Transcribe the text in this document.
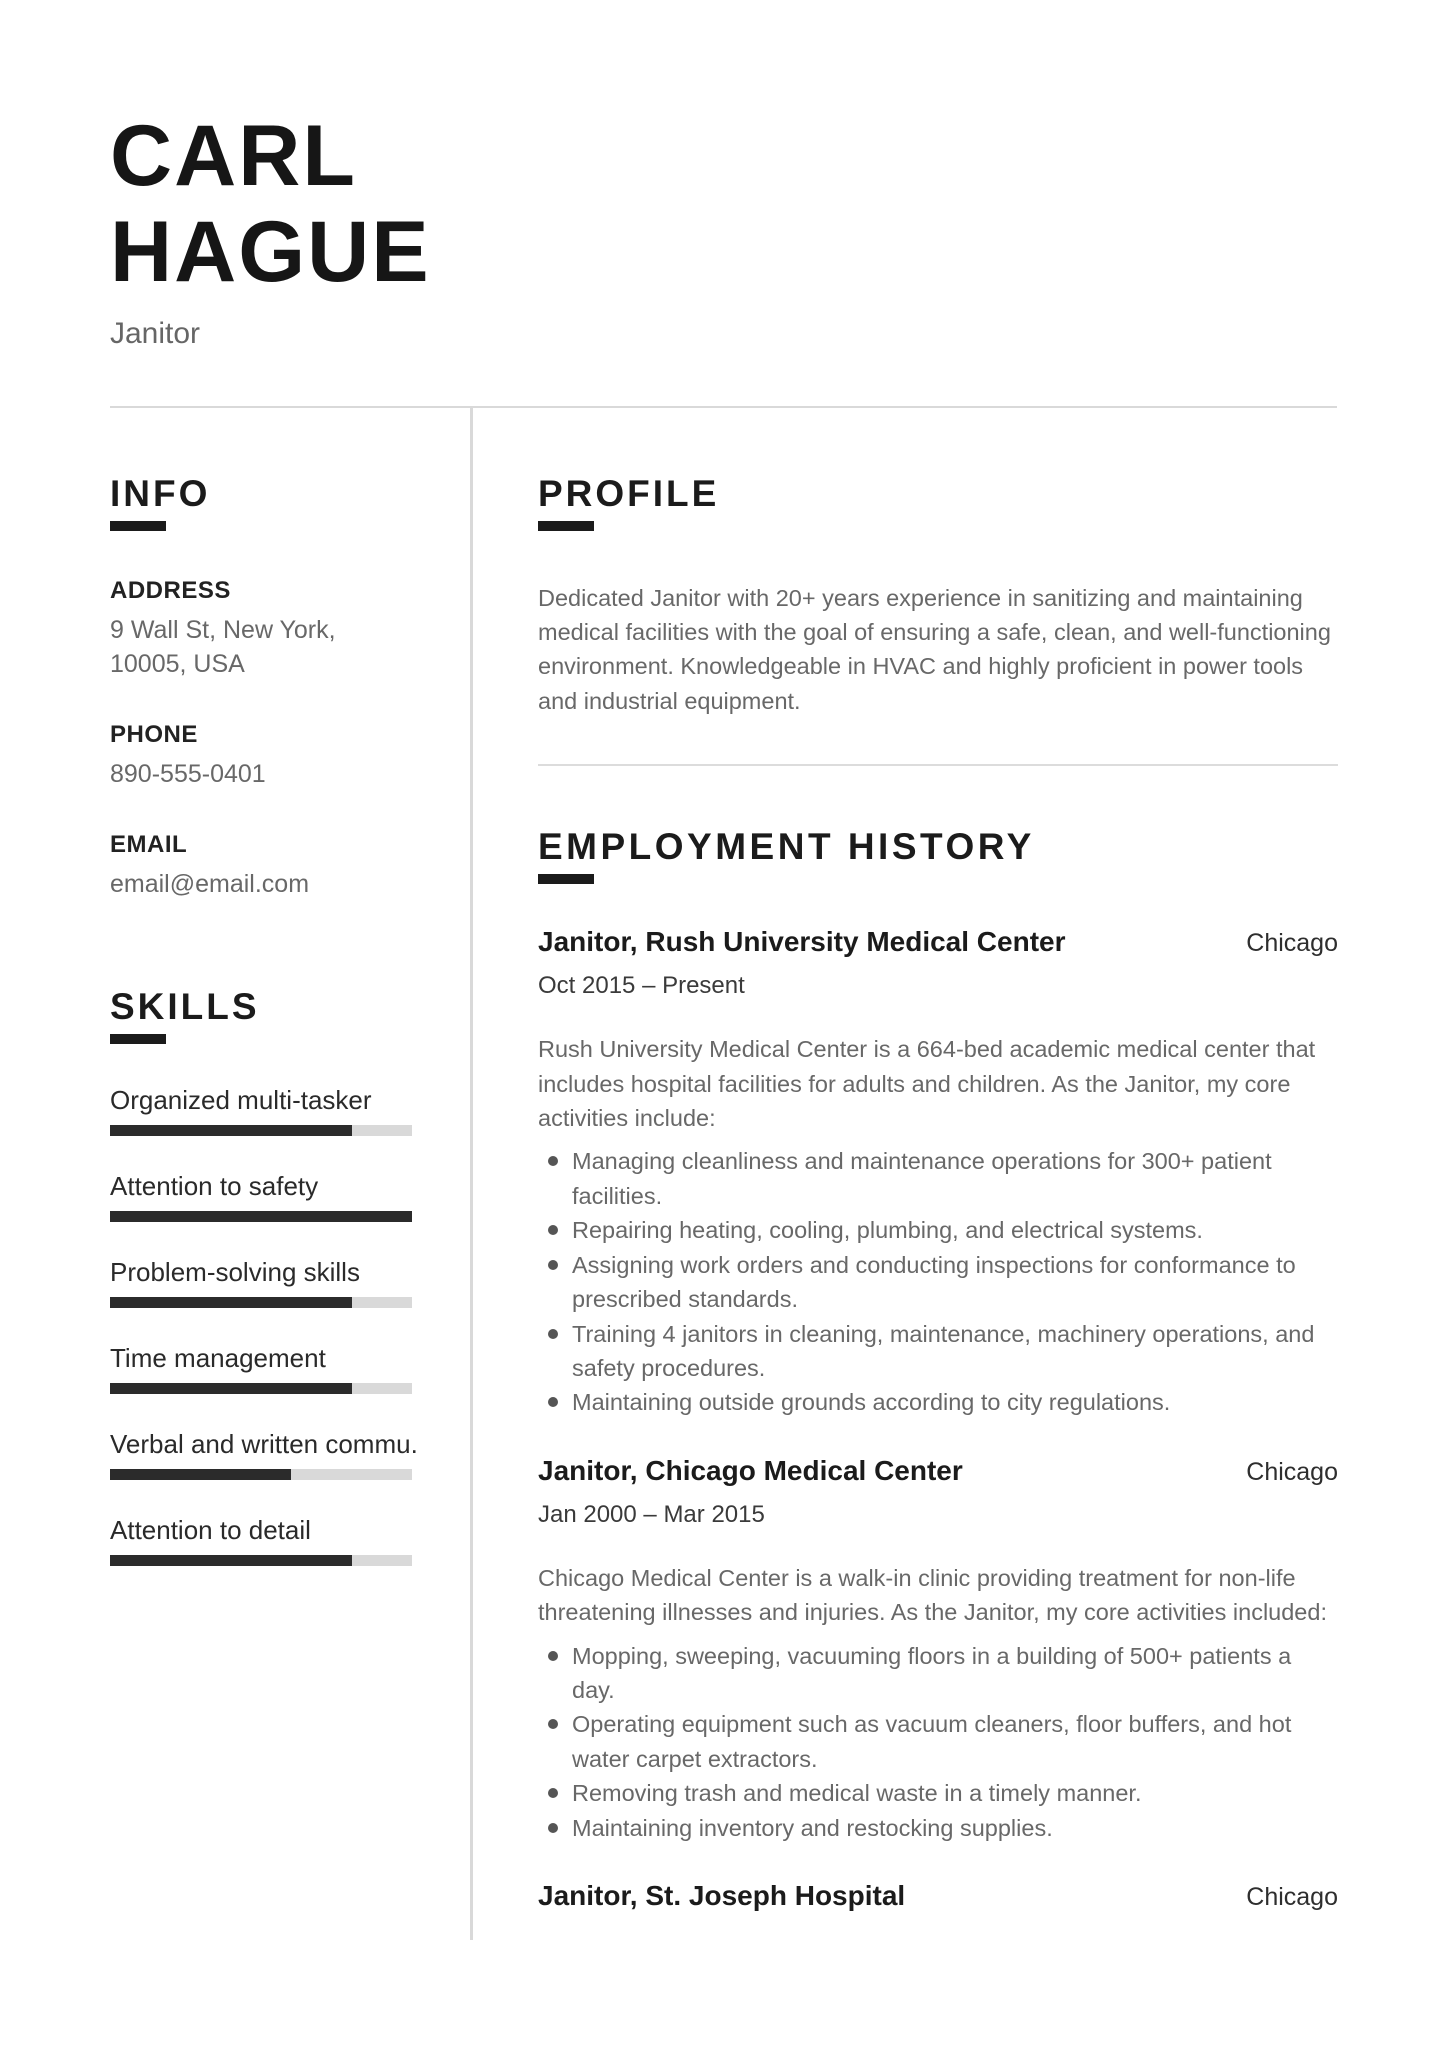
CARL HAGUE
Janitor
INFO
ADDRESS
9 Wall St, New York, 10005, USA
PHONE
890-555-0401
EMAIL
email@email.com
SKILLS
Organized multi-tasker
Attention to safety
Problem-solving skills
Time management
Verbal and written commu.
Attention to detail
PROFILE

Dedicated Janitor with 20+ years experience in sanitizing and maintaining medical facilities with the goal of ensuring a safe, clean, and well-functioning environment. Knowledgeable in HVAC and highly proficient in power tools and industrial equipment.

EMPLOYMENT HISTORY
Janitor, Rush University Medical Center	Chicago
Oct 2015 – Present

Rush University Medical Center is a 664-bed academic medical center that includes hospital facilities for adults and children. As the Janitor, my core activities include:

Managing cleanliness and maintenance operations for 300+ patient facilities.
Repairing heating, cooling, plumbing, and electrical systems.
Assigning work orders and conducting inspections for conformance to prescribed standards.
Training 4 janitors in cleaning, maintenance, machinery operations, and safety procedures.
Maintaining outside grounds according to city regulations.
Janitor, Chicago Medical Center	Chicago
Jan 2000 – Mar 2015

Chicago Medical Center is a walk-in clinic providing treatment for non-life threatening illnesses and injuries. As the Janitor, my core activities included:

Mopping, sweeping, vacuuming floors in a building of 500+ patients a day.
Operating equipment such as vacuum cleaners, floor buffers, and hot water carpet extractors.
Removing trash and medical waste in a timely manner.
Maintaining inventory and restocking supplies.
Janitor, St. Joseph Hospital	Chicago
